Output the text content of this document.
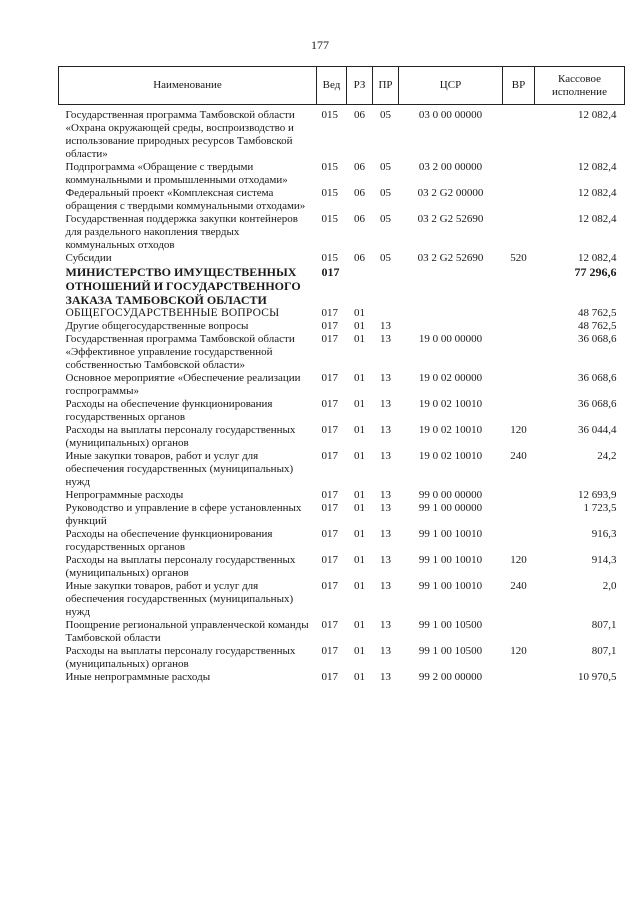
177
Наименование	Вед	РЗ	ПР	ЦСР	ВР	Кассовое исполнение
Государственная программа Тамбовской области «Охрана окружающей среды, воспроизводство и использование природных ресурсов Тамбовской области»	015	06	05	03 0 00 00000		12 082,4
Подпрограмма «Обращение с твердыми коммунальными и промышленными отходами»	015	06	05	03 2 00 00000		12 082,4
Федеральный проект «Комплексная система обращения с твердыми коммунальными отходами»	015	06	05	03 2 G2 00000		12 082,4
Государственная поддержка закупки контейнеров для раздельного накопления твердых коммунальных отходов	015	06	05	03 2 G2 52690		12 082,4
Субсидии	015	06	05	03 2 G2 52690	520	12 082,4
МИНИСТЕРСТВО ИМУЩЕСТВЕННЫХ ОТНОШЕНИЙ И ГОСУДАРСТВЕННОГО ЗАКАЗА ТАМБОВСКОЙ ОБЛАСТИ	017					77 296,6
ОБЩЕГОСУДАРСТВЕННЫЕ ВОПРОСЫ	017	01				48 762,5
Другие общегосударственные вопросы	017	01	13			48 762,5
Государственная программа Тамбовской области «Эффективное управление государственной собственностью Тамбовской области»	017	01	13	19 0 00 00000		36 068,6
Основное мероприятие «Обеспечение реализации госпрограммы»	017	01	13	19 0 02 00000		36 068,6
Расходы на обеспечение функционирования государственных органов	017	01	13	19 0 02 10010		36 068,6
Расходы на выплаты персоналу государственных (муниципальных) органов	017	01	13	19 0 02 10010	120	36 044,4
Иные закупки товаров, работ и услуг для обеспечения государственных (муниципальных) нужд	017	01	13	19 0 02 10010	240	24,2
Непрограммные расходы	017	01	13	99 0 00 00000		12 693,9
Руководство и управление в сфере установленных функций	017	01	13	99 1 00 00000		1 723,5
Расходы на обеспечение функционирования государственных органов	017	01	13	99 1 00 10010		916,3
Расходы на выплаты персоналу государственных (муниципальных) органов	017	01	13	99 1 00 10010	120	914,3
Иные закупки товаров, работ и услуг для обеспечения государственных (муниципальных) нужд	017	01	13	99 1 00 10010	240	2,0
Поощрение региональной управленческой команды Тамбовской области	017	01	13	99 1 00 10500		807,1
Расходы на выплаты персоналу государственных (муниципальных) органов	017	01	13	99 1 00 10500	120	807,1
Иные непрограммные расходы	017	01	13	99 2 00 00000		10 970,5
